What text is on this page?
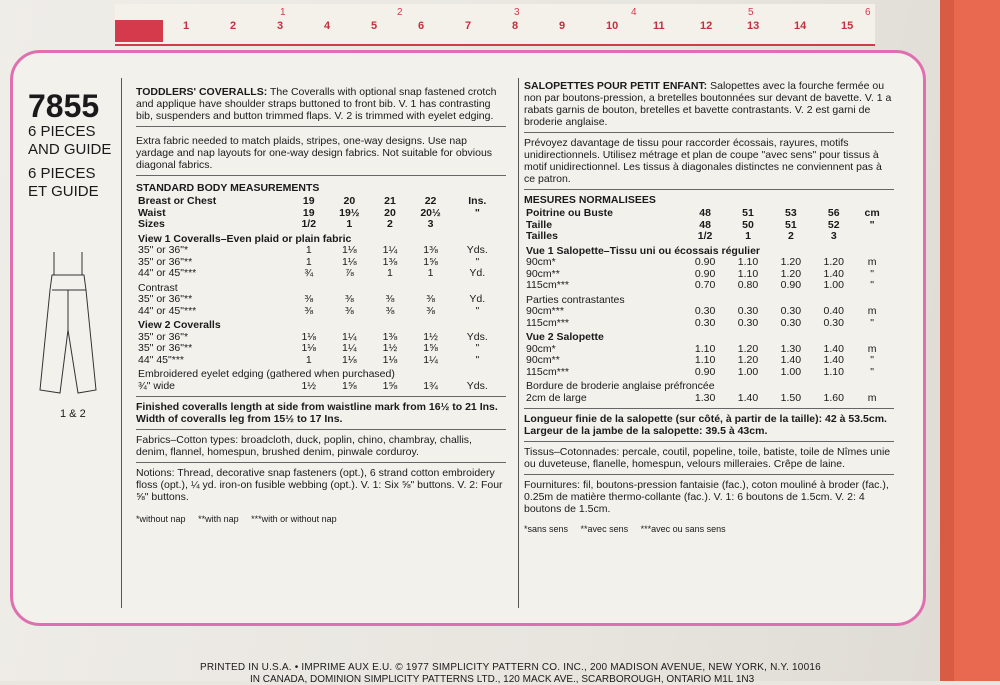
1	2	3	4	5	6
1	2	3	4	5	6	7	8	9	10	11	12	13	14	15
7855
6 PIECES
AND GUIDE
6 PIECES
ET GUIDE
1 & 2

TODDLERS' COVERALLS: The Coveralls with optional snap fastened crotch and applique have shoulder straps buttoned to front bib. V. 1 has contrasting bib, suspenders and button trimmed flaps. V. 2 is trimmed with eyelet edging.

Extra fabric needed to match plaids, stripes, one-way designs. Use nap yardage and nap layouts for one-way design fabrics. Not suitable for obvious diagonal fabrics.

STANDARD BODY MEASUREMENTS

Breast or Chest	19	20	21	22	Ins.
Waist	19	19½	20	20½	"
Sizes	1/2	1	2	3	
View 1 Coveralls–Even plaid or plain fabric					
35" or 36"*	1	1⅛	1¼	1⅜	Yds.
35" or 36"**	1	1⅛	1⅜	1⅝	"
44" or 45"***	¾	⅞	1	1	Yd.
Contrast					
35" or 36"**	⅜	⅜	⅜	⅜	Yd.
44" or 45"***	⅜	⅜	⅜	⅜	"
View 2 Coveralls					
35" or 36"*	1⅛	1¼	1⅜	1½	Yds.
35" or 36"**	1⅛	1¼	1½	1⅝	"
44" 45"***	1	1⅛	1⅛	1¼	"
Embroidered eyelet edging (gathered when purchased)					
¾" wide	1½	1⅝	1⅝	1¾	Yds.

Finished coveralls length at side from waistline mark from 16½ to 21 Ins.

Width of coveralls leg from 15½ to 17 Ins.

Fabrics–Cotton types: broadcloth, duck, poplin, chino, chambray, challis, denim, flannel, homespun, brushed denim, pinwale corduroy.

Notions: Thread, decorative snap fasteners (opt.), 6 strand cotton embroidery floss (opt.), ¼ yd. iron-on fusible webbing (opt.). V. 1: Six ⅝" buttons. V. 2: Four ⅝" buttons.

*without nap **with nap ***with or without nap

SALOPETTES POUR PETIT ENFANT: Salopettes avec la fourche fermée ou non par boutons-pression, a bretelles boutonnées sur devant de bavette. V. 1 a rabats garnis de bouton, bretelles et bavette contrastants. V. 2 est garni de broderie anglaise.

Prévoyez davantage de tissu pour raccorder écossais, rayures, motifs unidirectionnels. Utilisez métrage et plan de coupe "avec sens" pour tissus à motif unidirectionnel. Les tissus à diagonales distinctes ne conviennent pas à ce patron.

MESURES NORMALISEES

Poitrine ou Buste	48	51	53	56	cm
Taille	48	50	51	52	"
Tailles	1/2	1	2	3	
Vue 1 Salopette–Tissu uni ou écossais régulier					
90cm*	0.90	1.10	1.20	1.20	m
90cm**	0.90	1.10	1.20	1.40	"
115cm***	0.70	0.80	0.90	1.00	"
Parties contrastantes					
90cm***	0.30	0.30	0.30	0.40	m
115cm***	0.30	0.30	0.30	0.30	"
Vue 2 Salopette					
90cm*	1.10	1.20	1.30	1.40	m
90cm**	1.10	1.20	1.40	1.40	"
115cm***	0.90	1.00	1.00	1.10	"
Bordure de broderie anglaise préfroncée					
2cm de large	1.30	1.40	1.50	1.60	m

Longueur finie de la salopette (sur côté, à partir de la taille): 42 à 53.5cm.

Largeur de la jambe de la salopette: 39.5 à 43cm.

Tissus–Cotonnades: percale, coutil, popeline, toile, batiste, toile de Nîmes unie ou duveteuse, flanelle, homespun, velours milleraies. Crêpe de laine.

Fournitures: fil, boutons-pression fantaisie (fac.), coton mouliné à broder (fac.), 0.25m de matière thermo-collante (fac.). V. 1: 6 boutons de 1.5cm. V. 2: 4 boutons de 1.5cm.

*sans sens **avec sens ***avec ou sans sens

PRINTED IN U.S.A. • IMPRIME AUX E.U. © 1977 SIMPLICITY PATTERN CO. INC., 200 MADISON AVENUE, NEW YORK, N.Y. 10016
IN CANADA, DOMINION SIMPLICITY PATTERNS LTD., 120 MACK AVE., SCARBOROUGH, ONTARIO M1L 1N3
